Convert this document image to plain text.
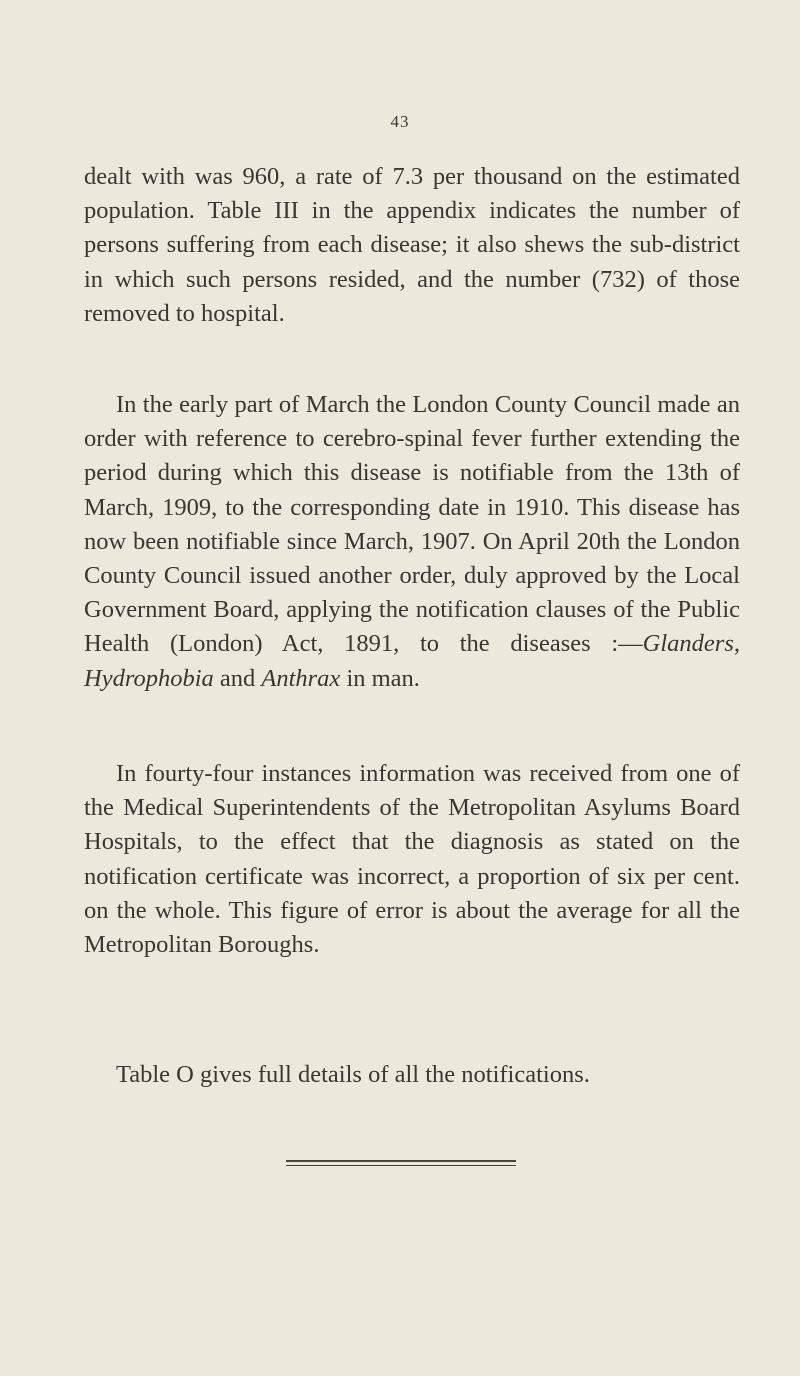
43

dealt with was 960, a rate of 7.3 per thousand on the estimated population. Table III in the appendix indicates the number of persons suffering from each disease; it also shews the sub-district in which such persons resided, and the number (732) of those removed to hospital.

In the early part of March the London County Council made an order with reference to cerebro-spinal fever further extending the period during which this disease is notifiable from the 13th of March, 1909, to the corresponding date in 1910. This disease has now been notifiable since March, 1907. On April 20th the London County Council issued another order, duly approved by the Local Government Board, applying the notification clauses of the Public Health (London) Act, 1891, to the diseases :—Glanders, Hydrophobia and Anthrax in man.

In fourty-four instances information was received from one of the Medical Superintendents of the Metropolitan Asylums Board Hospitals, to the effect that the diagnosis as stated on the notification certificate was incorrect, a proportion of six per cent. on the whole. This figure of error is about the average for all the Metropolitan Boroughs.

Table O gives full details of all the notifications.
